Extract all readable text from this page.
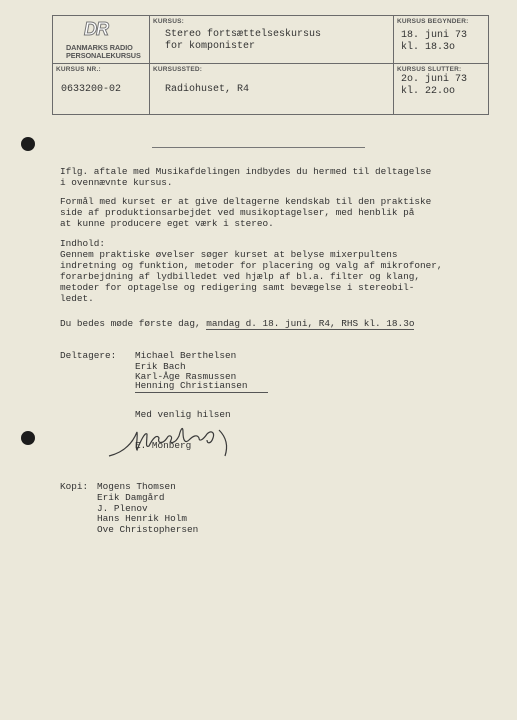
DR
DANMARKS RADIO
PERSONALEKURSUS
KURSUS:
Stereo fortsættelseskursus
for komponister
KURSUS BEGYNDER:
18. juni 73
kl. 18.3o
KURSUS NR.:
0633200-02
KURSUSSTED:
Radiohuset, R4
KURSUS SLUTTER:
2o. juni 73
kl. 22.oo
Iflg. aftale med Musikafdelingen indbydes du hermed til deltagelse
i ovennævnte kursus.
Formål med kurset er at give deltagerne kendskab til den praktiske
side af produktionsarbejdet ved musikoptagelser, med henblik på
at kunne producere eget værk i stereo.
Indhold:
Gennem praktiske øvelser søger kurset at belyse mixerpultens
indretning og funktion, metoder for placering og valg af mikrofoner,
forarbejdning af lydbilledet ved hjælp af bl.a. filter og klang,
metoder for optagelse og redigering samt bevægelse i stereobil-
ledet.
Du bedes møde første dag, mandag d. 18. juni, R4, RHS kl. 18.3o
Deltagere: Michael Berthelsen
Erik Bach
Karl-Åge Rasmussen
Henning Christiansen
Med venlig hilsen
E. Monberg
Kopi: Mogens Thomsen
Erik Damgård
J. Plenov
Hans Henrik Holm
Ove Christophersen
